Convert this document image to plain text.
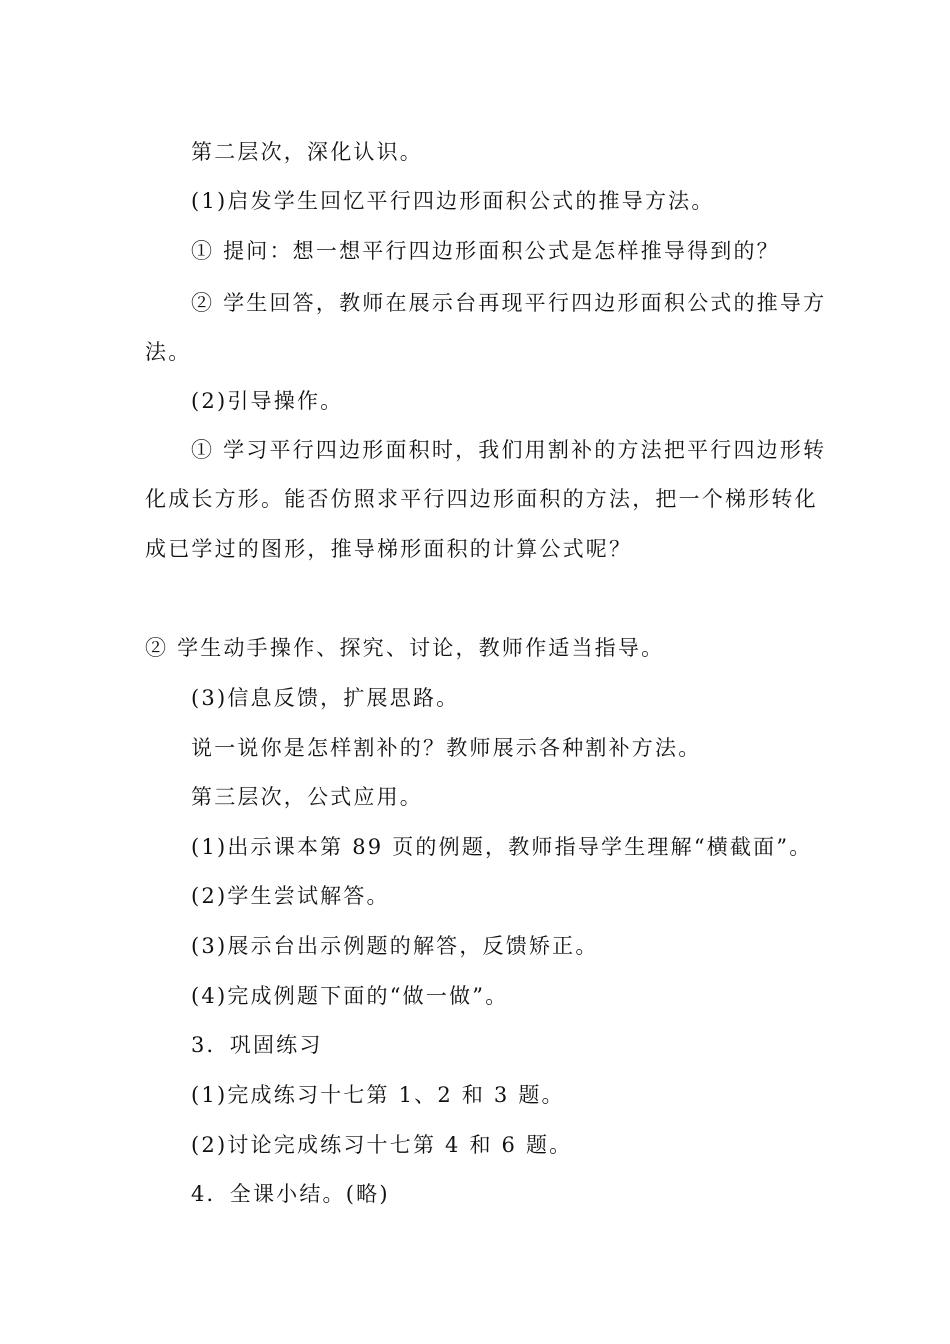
第二层次，深化认识。
(1)启发学生回忆平行四边形面积公式的推导方法。
① 提问：想一想平行四边形面积公式是怎样推导得到的？
② 学生回答，教师在展示台再现平行四边形面积公式的推导方
法。
(2)引导操作。
① 学习平行四边形面积时，我们用割补的方法把平行四边形转
化成长方形。能否仿照求平行四边形面积的方法，把一个梯形转化
成已学过的图形，推导梯形面积的计算公式呢？
② 学生动手操作、探究、讨论，教师作适当指导。
(3)信息反馈，扩展思路。
说一说你是怎样割补的？教师展示各种割补方法。
第三层次，公式应用。
(1)出示课本第 89 页的例题，教师指导学生理解“横截面”。
(2)学生尝试解答。
(3)展示台出示例题的解答，反馈矫正。
(4)完成例题下面的“做一做”。
3．巩固练习
(1)完成练习十七第 1、2 和 3 题。
(2)讨论完成练习十七第 4 和 6 题。
4．全课小结。(略)
